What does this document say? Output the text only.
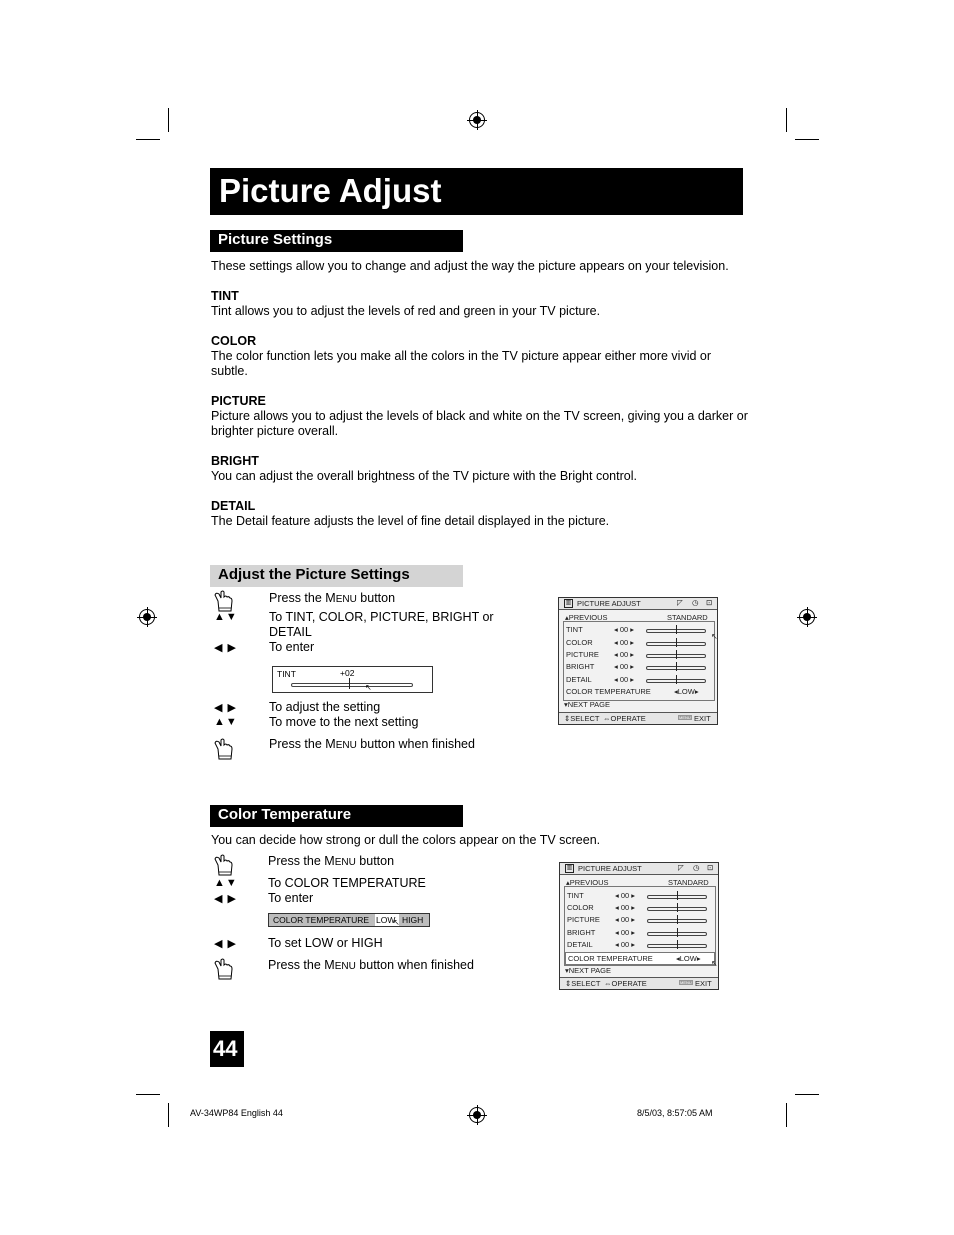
Picture Adjust
Picture Settings
These settings allow you to change and adjust the way the picture appears on your television.
TINT
Tint allows you to adjust the levels of red and green in your TV picture.
COLOR
The color function lets you make all the colors in the TV picture appear either more vivid or subtle.
PICTURE
Picture allows you to adjust the levels of black and white on the TV screen, giving you a darker or brighter picture overall.
BRIGHT
You can adjust the overall brightness of the TV picture with the Bright control.
DETAIL
The Detail feature adjusts the level of fine detail displayed in the picture.
Adjust the Picture Settings
Press the MENU button
▲▼ To TINT, COLOR, PICTURE, BRIGHT or DETAIL
◀ ▶	To enter
TINT	+02
↖
◀ ▶	To adjust the setting
▲▼ To move to the next setting
Press the MENU button when finished
▥ PICTURE ADJUST	◸ ◷ ⊡
▴PREVIOUS	STANDARD
TINT	◂ 00 ▸
COLOR	◂ 00 ▸
PICTURE ◂ 00 ▸
BRIGHT	◂ 00 ▸
DETAIL	◂ 00 ▸
COLOR TEMPERATURE	◂LOW▸
↖
▾NEXT PAGE
⇕SELECT ⇔OPERATE	MENU EXIT
Color Temperature
You can decide how strong or dull the colors appear on the TV screen.
Press the MENU button
▲▼ To COLOR TEMPERATURE
◀ ▶ To enter
COLOR TEMPERATURE LOW HIGH
↖
◀ ▶ To set LOW or HIGH
Press the MENU button when finished
▥ PICTURE ADJUST	◸ ◷ ⊡
▴PREVIOUS	STANDARD
TINT	◂ 00 ▸
COLOR	◂ 00 ▸
PICTURE ◂ 00 ▸
BRIGHT	◂ 00 ▸
DETAIL	◂ 00 ▸
COLOR TEMPERATURE	◂LOW▸
↖
▾NEXT PAGE
⇕SELECT ⇔OPERATE	MENU EXIT
44
AV-34WP84 English 44	8/5/03, 8:57:05 AM
